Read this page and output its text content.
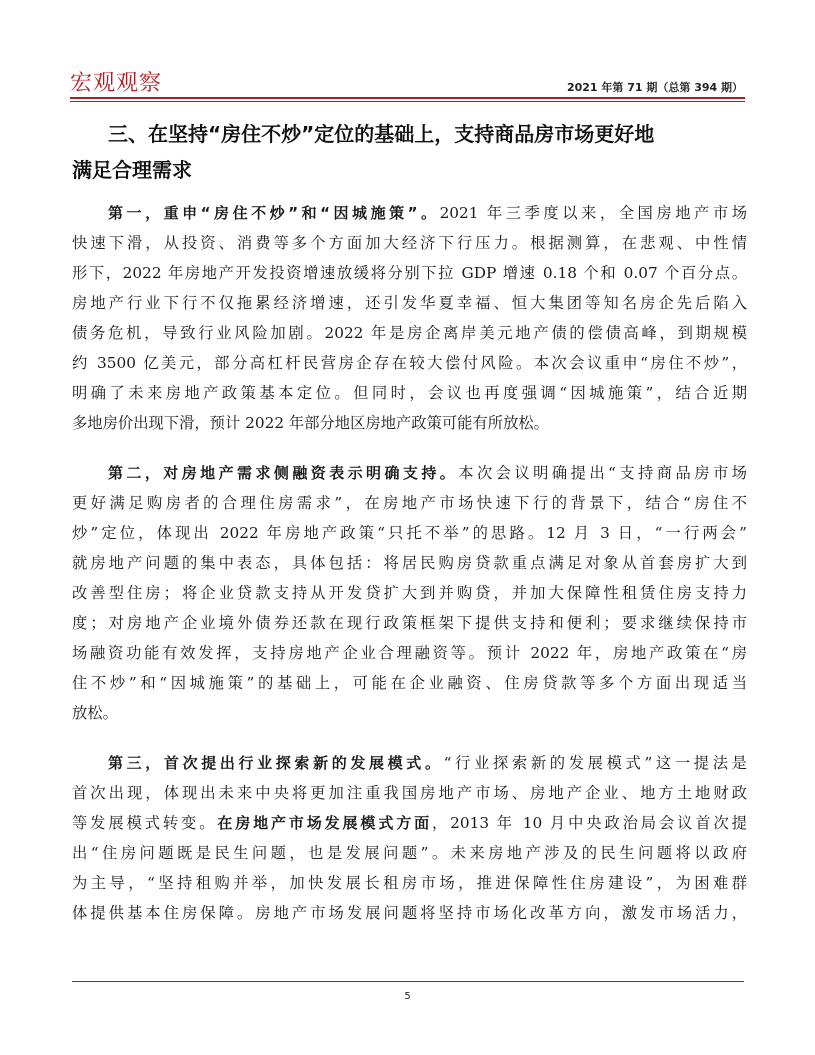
宏观观察	2021 年第 71 期（总第 394 期）
三、在坚持“房住不炒”定位的基础上，支持商品房市场更好地
满足合理需求
第一，重申“房住不炒”和“因城施策”。2021 年三季度以来，全国房地产市场
快速下滑，从投资、消费等多个方面加大经济下行压力。根据测算，在悲观、中性情
形下，2022 年房地产开发投资增速放缓将分别下拉 GDP 增速 0.18 个和 0.07 个百分点。
房地产行业下行不仅拖累经济增速，还引发华夏幸福、恒大集团等知名房企先后陷入
债务危机，导致行业风险加剧。2022 年是房企离岸美元地产债的偿债高峰，到期规模
约 3500 亿美元，部分高杠杆民营房企存在较大偿付风险。本次会议重申“房住不炒”，
明确了未来房地产政策基本定位。但同时，会议也再度强调“因城施策”，结合近期
多地房价出现下滑，预计 2022 年部分地区房地产政策可能有所放松。
第二，对房地产需求侧融资表示明确支持。本次会议明确提出“支持商品房市场
更好满足购房者的合理住房需求”，在房地产市场快速下行的背景下，结合“房住不
炒”定位，体现出 2022 年房地产政策“只托不举”的思路。12 月 3 日，“一行两会”
就房地产问题的集中表态，具体包括：将居民购房贷款重点满足对象从首套房扩大到
改善型住房；将企业贷款支持从开发贷扩大到并购贷，并加大保障性租赁住房支持力
度；对房地产企业境外债券还款在现行政策框架下提供支持和便利；要求继续保持市
场融资功能有效发挥，支持房地产企业合理融资等。预计 2022 年，房地产政策在“房
住不炒”和“因城施策”的基础上，可能在企业融资、住房贷款等多个方面出现适当
放松。
第三，首次提出行业探索新的发展模式。“行业探索新的发展模式”这一提法是
首次出现，体现出未来中央将更加注重我国房地产市场、房地产企业、地方土地财政
等发展模式转变。在房地产市场发展模式方面，2013 年 10 月中央政治局会议首次提
出“住房问题既是民生问题，也是发展问题”。未来房地产涉及的民生问题将以政府
为主导，“坚持租购并举，加快发展长租房市场，推进保障性住房建设”，为困难群
体提供基本住房保障。房地产市场发展问题将坚持市场化改革方向，激发市场活力，
5
